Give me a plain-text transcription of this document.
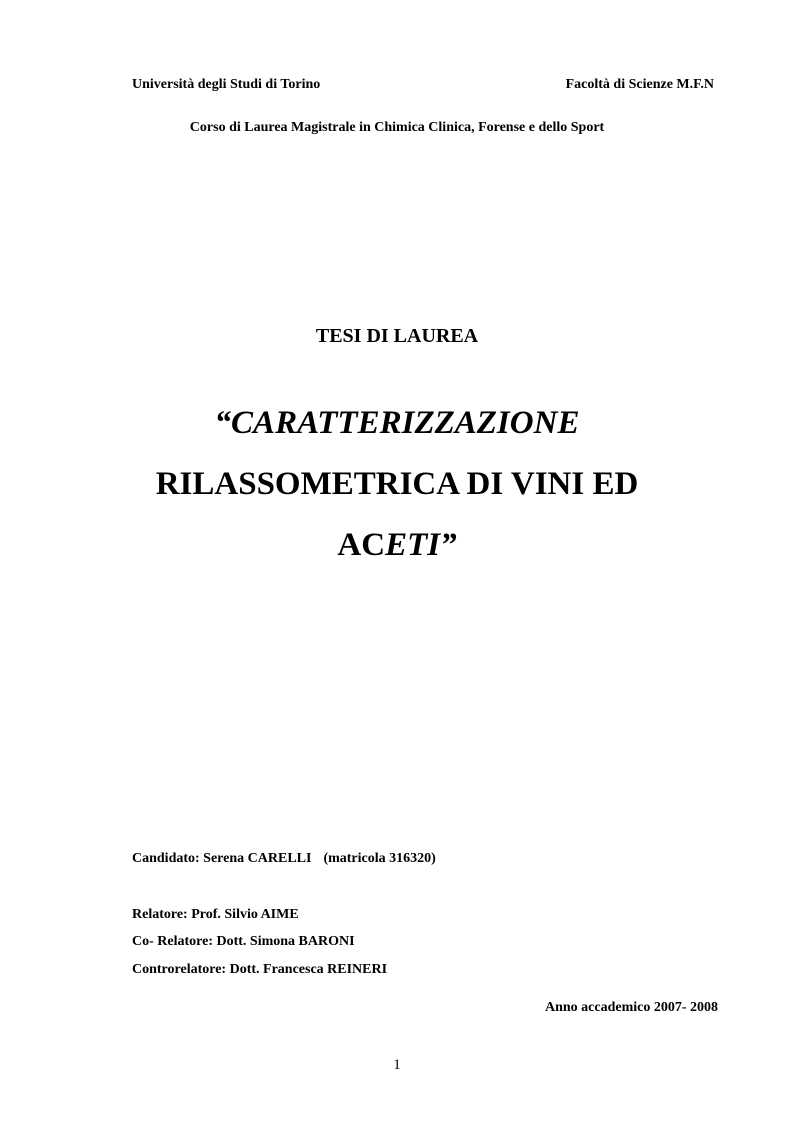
Università degli Studi di Torino	Facoltà di Scienze M.F.N
Corso di Laurea Magistrale in Chimica Clinica, Forense e dello Sport
TESI DI LAUREA
“CARATTERIZZAZIONE
RILASSOMETRICA DI VINI ED
ACETI”
Candidato: Serena CARELLI (matricola 316320)
Relatore: Prof. Silvio AIME
Co- Relatore: Dott. Simona BARONI
Controrelatore: Dott. Francesca REINERI
Anno accademico 2007- 2008
1
